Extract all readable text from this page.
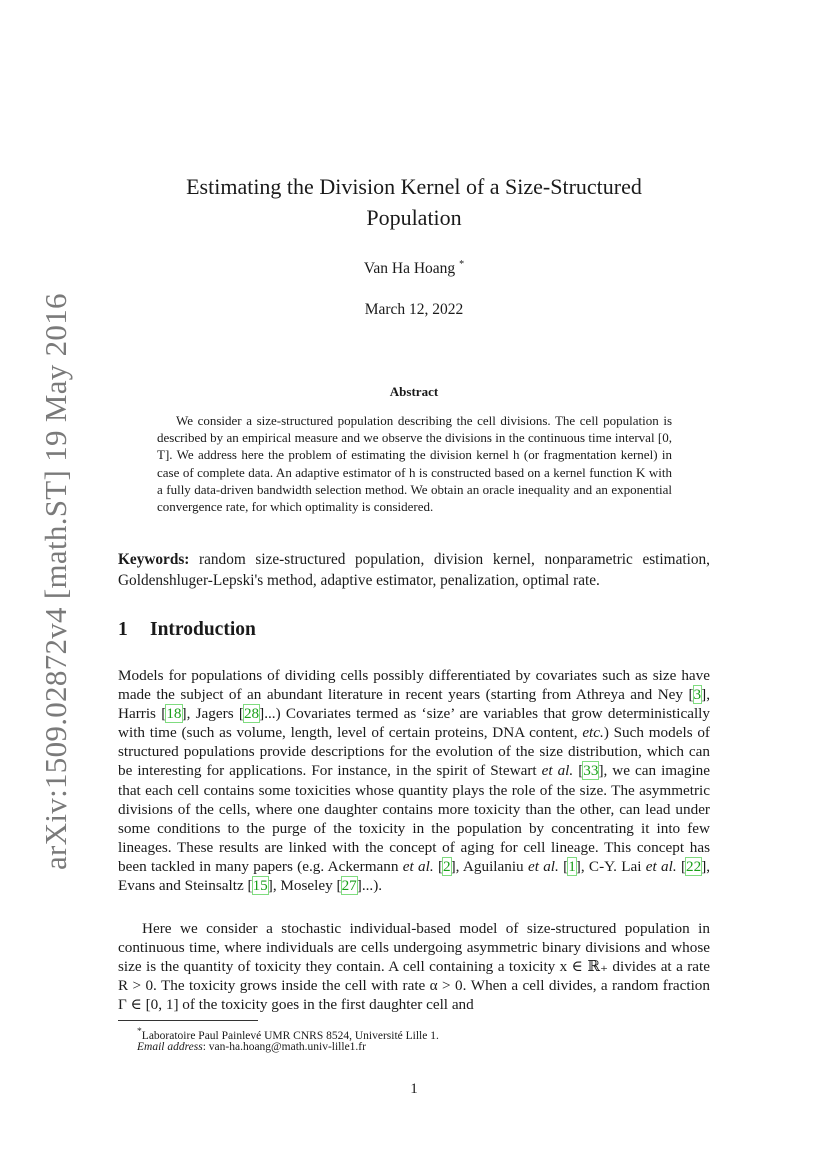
arXiv:1509.02872v4 [math.ST] 19 May 2016
Estimating the Division Kernel of a Size-Structured
Population
Van Ha Hoang *
March 12, 2022
Abstract

We consider a size-structured population describing the cell divisions. The cell population is described by an empirical measure and we observe the divisions in the continuous time interval [0, T]. We address here the problem of estimating the division kernel h (or fragmentation kernel) in case of complete data. An adaptive estimator of h is constructed based on a kernel function K with a fully data-driven bandwidth selection method. We obtain an oracle inequality and an exponential convergence rate, for which optimality is considered.

Keywords: random size-structured population, division kernel, nonparametric estimation, Goldenshluger-Lepski's method, adaptive estimator, penalization, optimal rate.

1 Introduction

Models for populations of dividing cells possibly differentiated by covariates such as size have made the subject of an abundant literature in recent years (starting from Athreya and Ney [ 3 ] , Harris [ 18 ] , Jagers [ 28 ] ...) Covariates termed as ‘size’ are variables that grow deterministically with time (such as volume, length, level of certain proteins, DNA content, etc.) Such models of structured populations provide descriptions for the evolution of the size distribution, which can be interesting for applications. For instance, in the spirit of Stewart et al. [ 33 ] , we can imagine that each cell contains some toxicities whose quantity plays the role of the size. The asymmetric divisions of the cells, where one daughter contains more toxicity than the other, can lead under some conditions to the purge of the toxicity in the population by concentrating it into few lineages. These results are linked with the concept of aging for cell lineage. This concept has been tackled in many papers (e.g. Ackermann et al. [ 2 ] , Aguilaniu et al. [ 1 ] , C-Y. Lai et al. [ 22 ] , Evans and Steinsaltz [ 15 ] , Moseley [ 27 ] ...).

Here we consider a stochastic individual-based model of size-structured population in continuous time, where individuals are cells undergoing asymmetric binary divisions and whose size is the quantity of toxicity they contain. A cell containing a toxicity x ∈ ℝ₊ divides at a rate R > 0. The toxicity grows inside the cell with rate α > 0. When a cell divides, a random fraction Γ ∈ [0, 1] of the toxicity goes in the first daughter cell and

*Laboratoire Paul Painlevé UMR CNRS 8524, Université Lille 1.

Email address: van-ha.hoang@math.univ-lille1.fr

1
